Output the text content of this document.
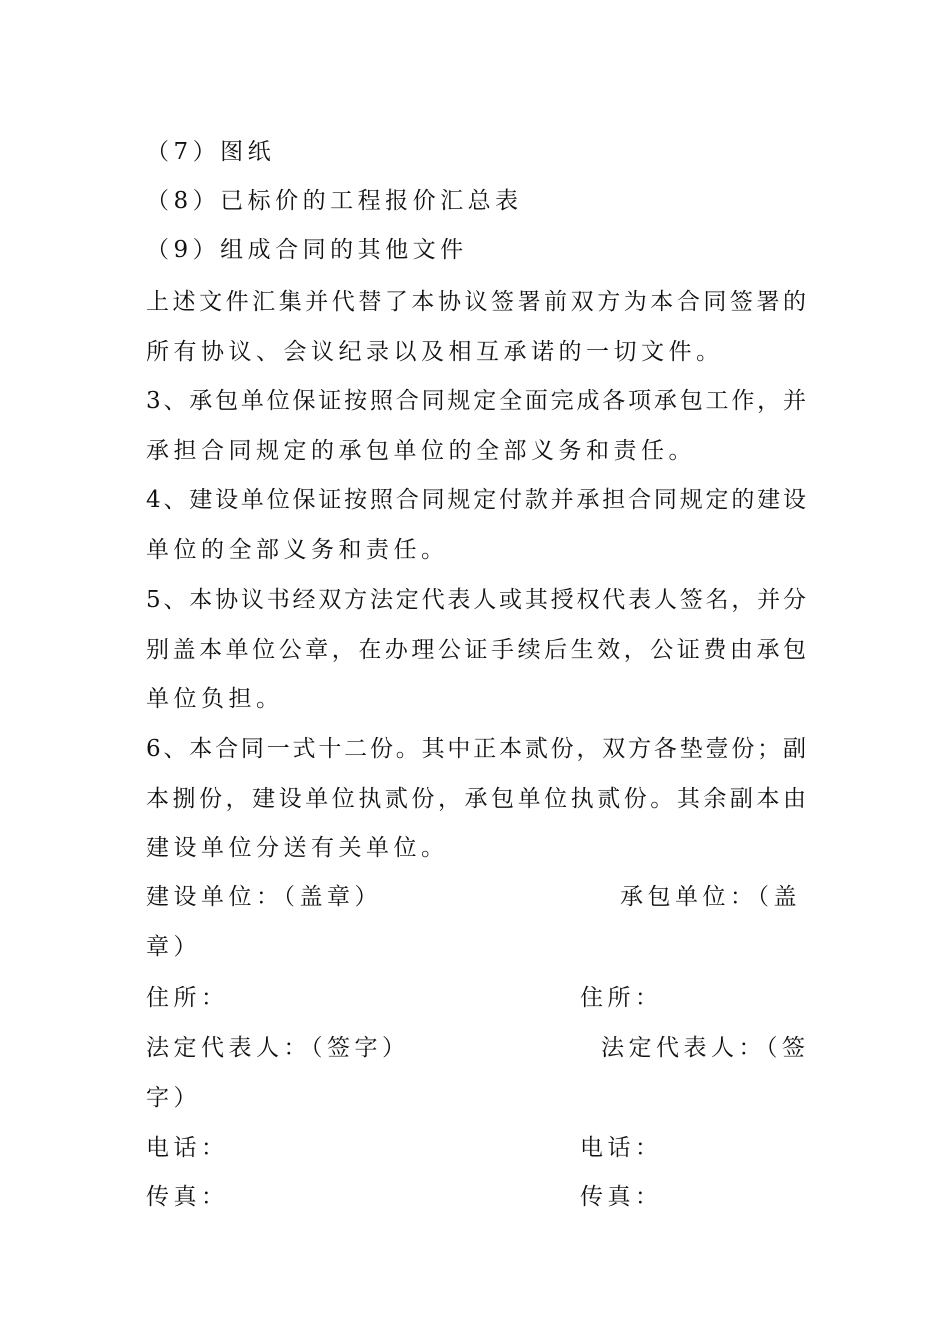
（7）图纸
（8）已标价的工程报价汇总表
（9）组成合同的其他文件
上述文件汇集并代替了本协议签署前双方为本合同签署的
所有协议、会议纪录以及相互承诺的一切文件。
3、承包单位保证按照合同规定全面完成各项承包工作，并
承担合同规定的承包单位的全部义务和责任。
4、建设单位保证按照合同规定付款并承担合同规定的建设
单位的全部义务和责任。
5、本协议书经双方法定代表人或其授权代表人签名，并分
别盖本单位公章，在办理公证手续后生效，公证费由承包
单位负担。
6、本合同一式十二份。其中正本贰份，双方各垫壹份；副
本捌份，建设单位执贰份，承包单位执贰份。其余副本由
建设单位分送有关单位。
建设单位：（盖章）	承包单位：（盖
章）
住所：	住所：
法定代表人：（签字）	法定代表人：（签
字）
电话：	电话：
传真：	传真：
